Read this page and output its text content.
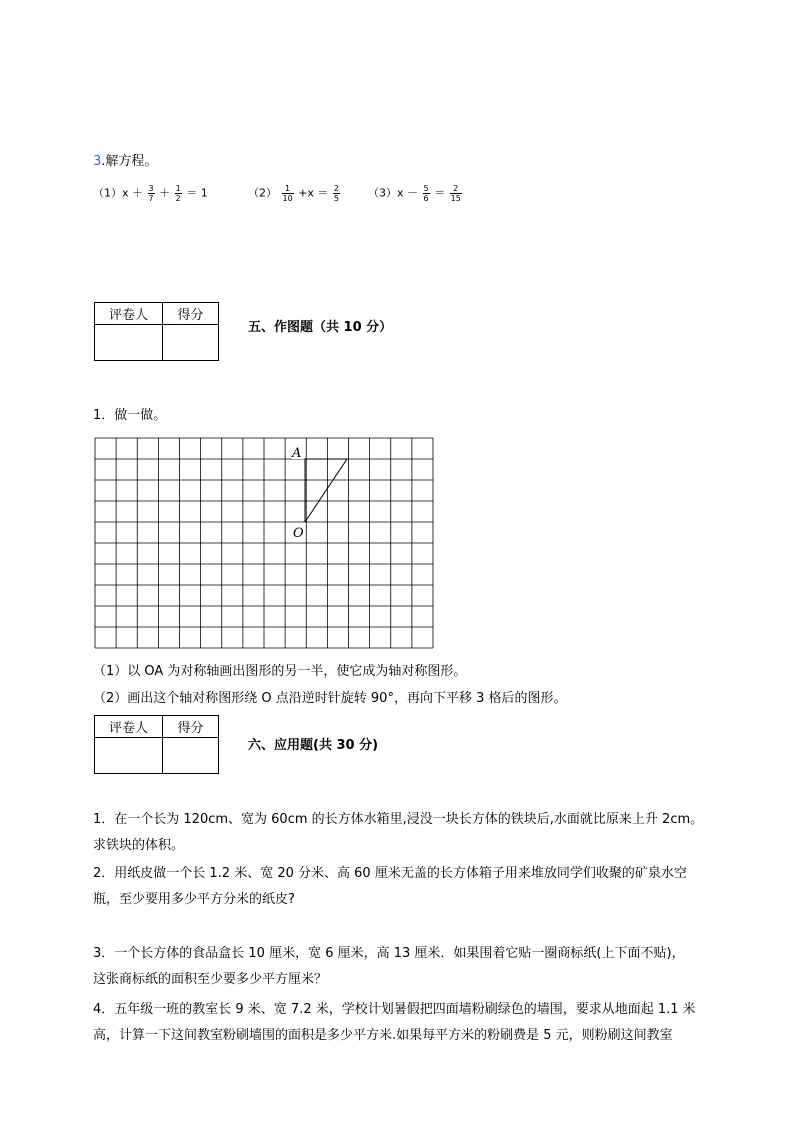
3.解方程。
$(1)x + \frac{3}{7} + \frac{1}{2} = 1$	$(2) \frac{1}{10} +x = \frac{2}{5}$	$(3)x - \frac{5}{6} = \frac{2}{15}$
评卷人	得分

五、作图题（共 10 分）
1．做一做。
A
O
（1）以 OA 为对称轴画出图形的另一半，使它成为轴对称图形。
（2）画出这个轴对称图形绕 O 点沿逆时针旋转 90°，再向下平移 3 格后的图形。
评卷人	得分

六、应用题(共 30 分)
1．在一个长为 120cm、宽为 60cm 的长方体水箱里,浸没一块长方体的铁块后,水面就比原来上升 2cm。
求铁块的体积。
2．用纸皮做一个长 1.2 米、宽 20 分米、高 60 厘米无盖的长方体箱子用来堆放同学们收聚的矿泉水空
瓶，至少要用多少平方分米的纸皮?
3．一个长方体的食品盒长 10 厘米，宽 6 厘米，高 13 厘米．如果围着它贴一圈商标纸(上下面不贴)，
这张商标纸的面积至少要多少平方厘米？
4．五年级一班的教室长 9 米、宽 7.2 米，学校计划暑假把四面墙粉刷绿色的墙围，要求从地面起 1.1 米
高，计算一下这间教室粉刷墙围的面积是多少平方米.如果每平方米的粉刷费是 5 元，则粉刷这间教室
